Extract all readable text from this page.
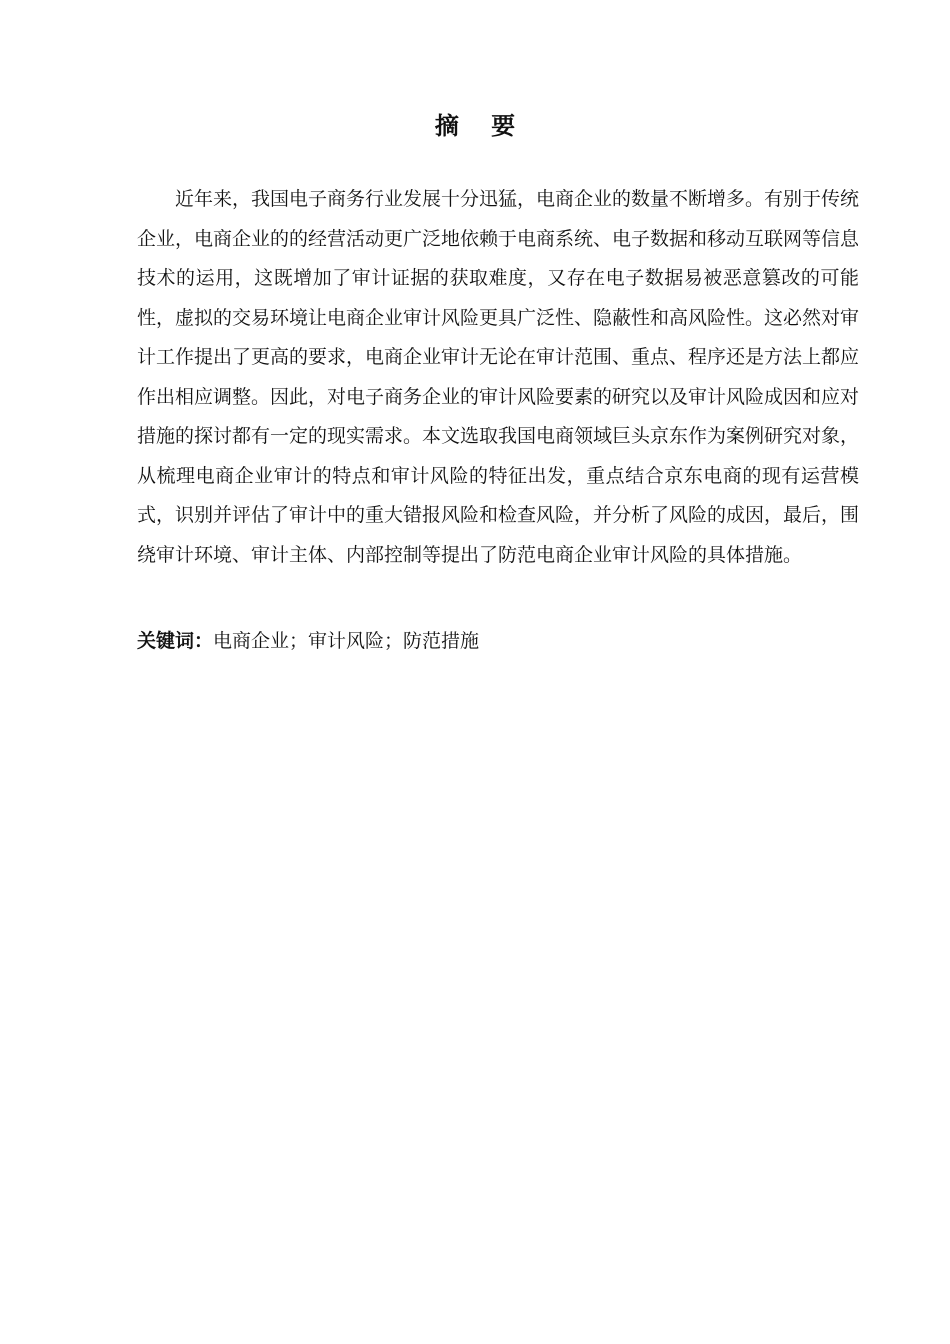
摘 要

近年来，我国电子商务行业发展十分迅猛，电商企业的数量不断增多。有别于传统企业，电商企业的的经营活动更广泛地依赖于电商系统、电子数据和移动互联网等信息技术的运用，这既增加了审计证据的获取难度，又存在电子数据易被恶意篡改的可能性，虚拟的交易环境让电商企业审计风险更具广泛性、隐蔽性和高风险性。这必然对审计工作提出了更高的要求，电商企业审计无论在审计范围、重点、程序还是方法上都应作出相应调整。因此，对电子商务企业的审计风险要素的研究以及审计风险成因和应对措施的探讨都有一定的现实需求。本文选取我国电商领域巨头京东作为案例研究对象，从梳理电商企业审计的特点和审计风险的特征出发，重点结合京东电商的现有运营模式，识别并评估了审计中的重大错报风险和检查风险，并分析了风险的成因，最后，围绕审计环境、审计主体、内部控制等提出了防范电商企业审计风险的具体措施。

关键词：电商企业；审计风险；防范措施
